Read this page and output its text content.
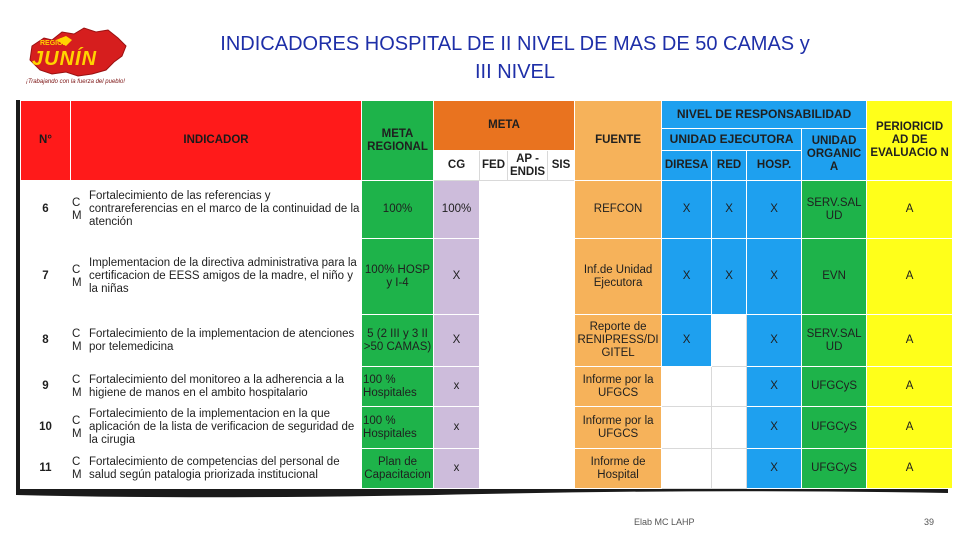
REGIÓN
JUNÍN
¡Trabajando con la fuerza del pueblo!
INDICADORES HOSPITAL DE II NIVEL DE MAS DE 50 CAMAS y
III NIVEL
N°	INDICADOR		META REGIONAL	META				FUENTE	NIVEL DE RESPONSABILIDAD				PERIORICID AD DE EVALUACIO N
									UNIDAD EJECUTORA			UNIDAD ORGANIC A	
				CG	FED	AP - ENDIS	SIS		DIRESA	RED	HOSP.		
6	C M	Fortalecimiento de las referencias y contrareferencias en el marco de la continuidad de la atención	100%	100%				REFCON	X	X	X	SERV.SAL UD	A
7	C M	Implementacion de la directiva administrativa para la certificacion de EESS amigos de la madre, el niño y la niñas	100% HOSP y I-4	X				Inf.de Unidad Ejecutora	X	X	X	EVN	A
8	C M	Fortalecimiento de la implementacion de atenciones por telemedicina	5 (2 III y 3 II >50 CAMAS)	X				Reporte de RENIPRESS/DI GITEL	X		X	SERV.SAL UD	A
9	C M	Fortalecimiento del monitoreo a la adherencia a la higiene de manos en el ambito hospitalario	100 % Hospitales	x				Informe por la UFGCS			X	UFGCyS	A
10	C M	Fortalecimiento de la implementacion en la que aplicación de la lista de verificacion de seguridad de la cirugia	100 % Hospitales	x				Informe por la UFGCS			X	UFGCyS	A
11	C M	Fortalecimiento de competencias del personal de salud según patalogia priorizada institucional	Plan de Capacitacion	x				Informe de Hospital			X	UFGCyS	A
Elab MC LAHP	39
